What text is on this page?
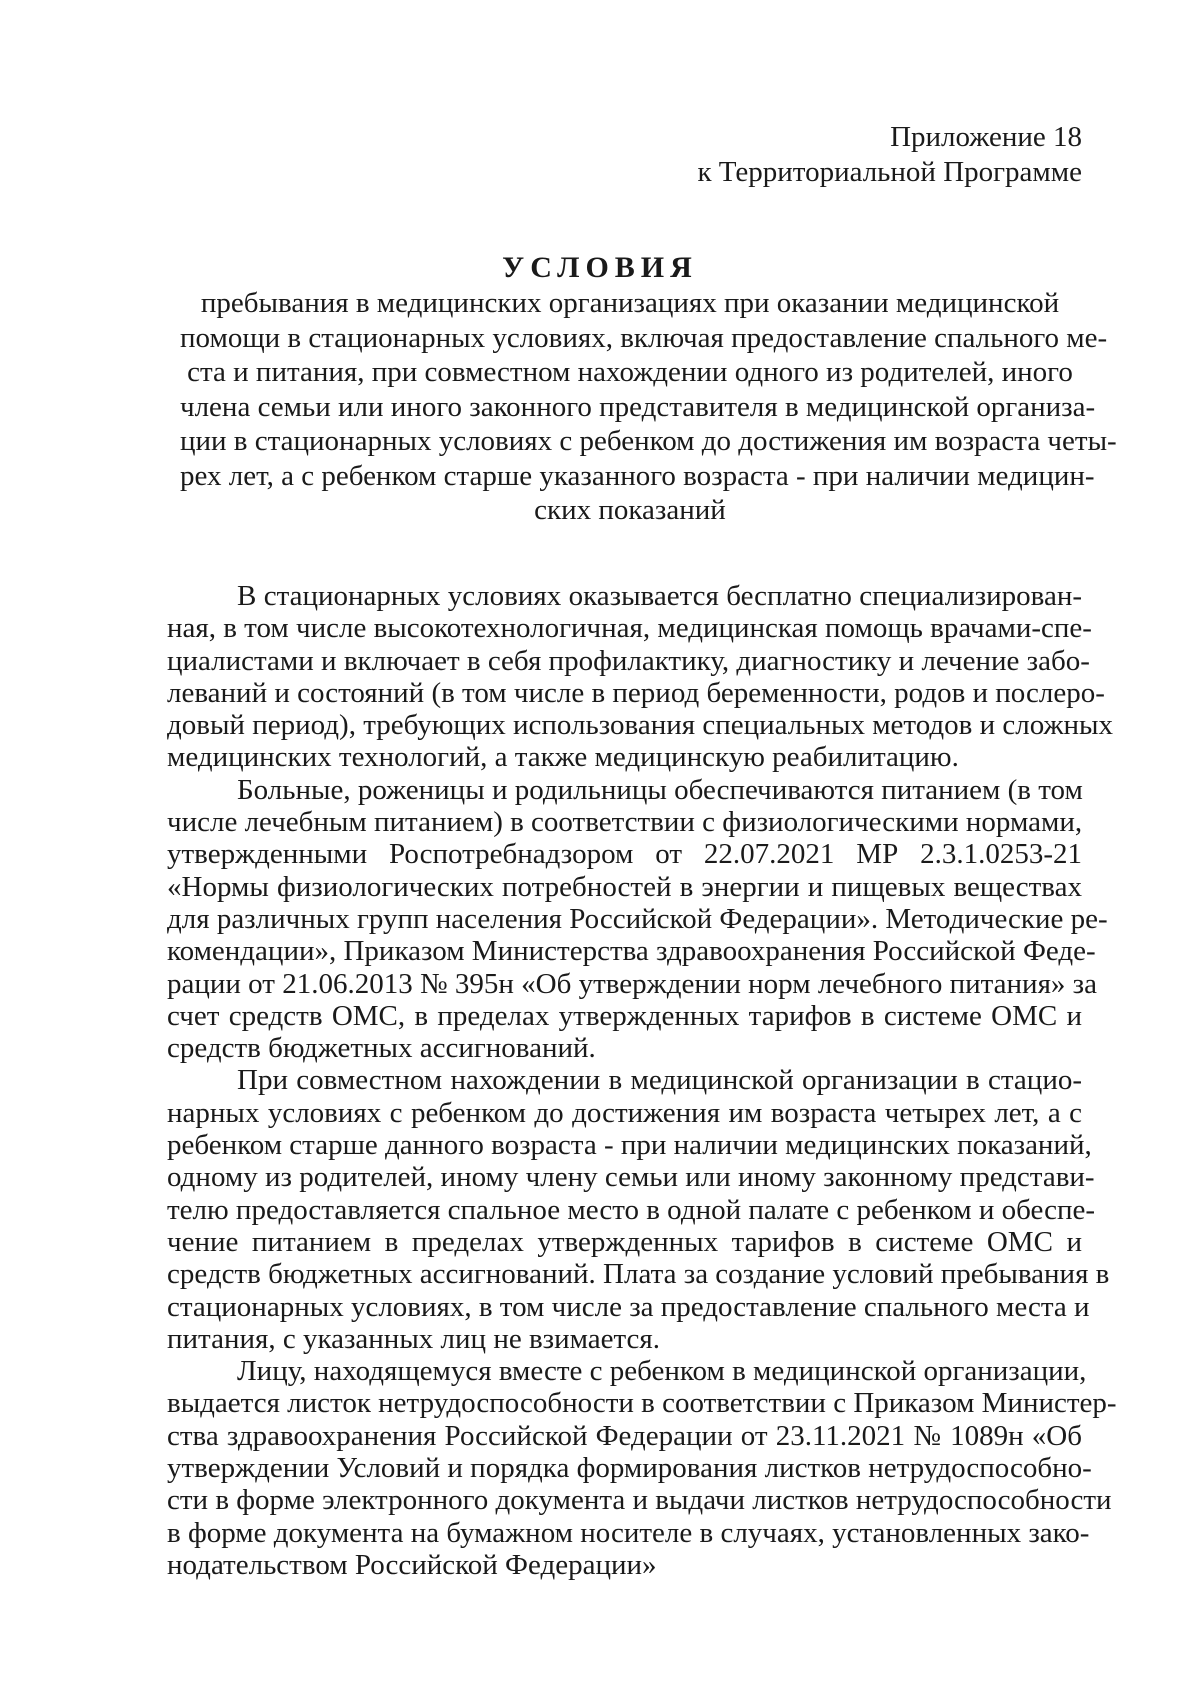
Приложение 18
к Территориальной Программе
УСЛОВИЯ
пребывания в медицинских организациях при оказании медицинской
помощи в стационарных условиях, включая предоставление спального ме-
ста и питания, при совместном нахождении одного из родителей, иного
члена семьи или иного законного представителя в медицинской организа-
ции в стационарных условиях с ребенком до достижения им возраста четы-
рех лет, а с ребенком старше указанного возраста - при наличии медицин-
ских показаний
В стационарных условиях оказывается бесплатно специализирован-
ная, в том числе высокотехнологичная, медицинская помощь врачами-спе-
циалистами и включает в себя профилактику, диагностику и лечение забо-
леваний и состояний (в том числе в период беременности, родов и послеро-
довый период), требующих использования специальных методов и сложных
медицинских технологий, а также медицинскую реабилитацию.
Больные, роженицы и родильницы обеспечиваются питанием (в том
числе лечебным питанием) в соответствии с физиологическими нормами,
утвержденными Роспотребнадзором от 22.07.2021 МР 2.3.1.0253-21
«Нормы физиологических потребностей в энергии и пищевых веществах
для различных групп населения Российской Федерации». Методические ре-
комендации», Приказом Министерства здравоохранения Российской Феде-
рации от 21.06.2013 № 395н «Об утверждении норм лечебного питания» за
счет средств ОМС, в пределах утвержденных тарифов в системе ОМС и
средств бюджетных ассигнований.
При совместном нахождении в медицинской организации в стацио-
нарных условиях с ребенком до достижения им возраста четырех лет, а с
ребенком старше данного возраста - при наличии медицинских показаний,
одному из родителей, иному члену семьи или иному законному представи-
телю предоставляется спальное место в одной палате с ребенком и обеспе-
чение питанием в пределах утвержденных тарифов в системе ОМС и
средств бюджетных ассигнований. Плата за создание условий пребывания в
стационарных условиях, в том числе за предоставление спального места и
питания, с указанных лиц не взимается.
Лицу, находящемуся вместе с ребенком в медицинской организации,
выдается листок нетрудоспособности в соответствии с Приказом Министер-
ства здравоохранения Российской Федерации от 23.11.2021 № 1089н «Об
утверждении Условий и порядка формирования листков нетрудоспособно-
сти в форме электронного документа и выдачи листков нетрудоспособности
в форме документа на бумажном носителе в случаях, установленных зако-
нодательством Российской Федерации»
